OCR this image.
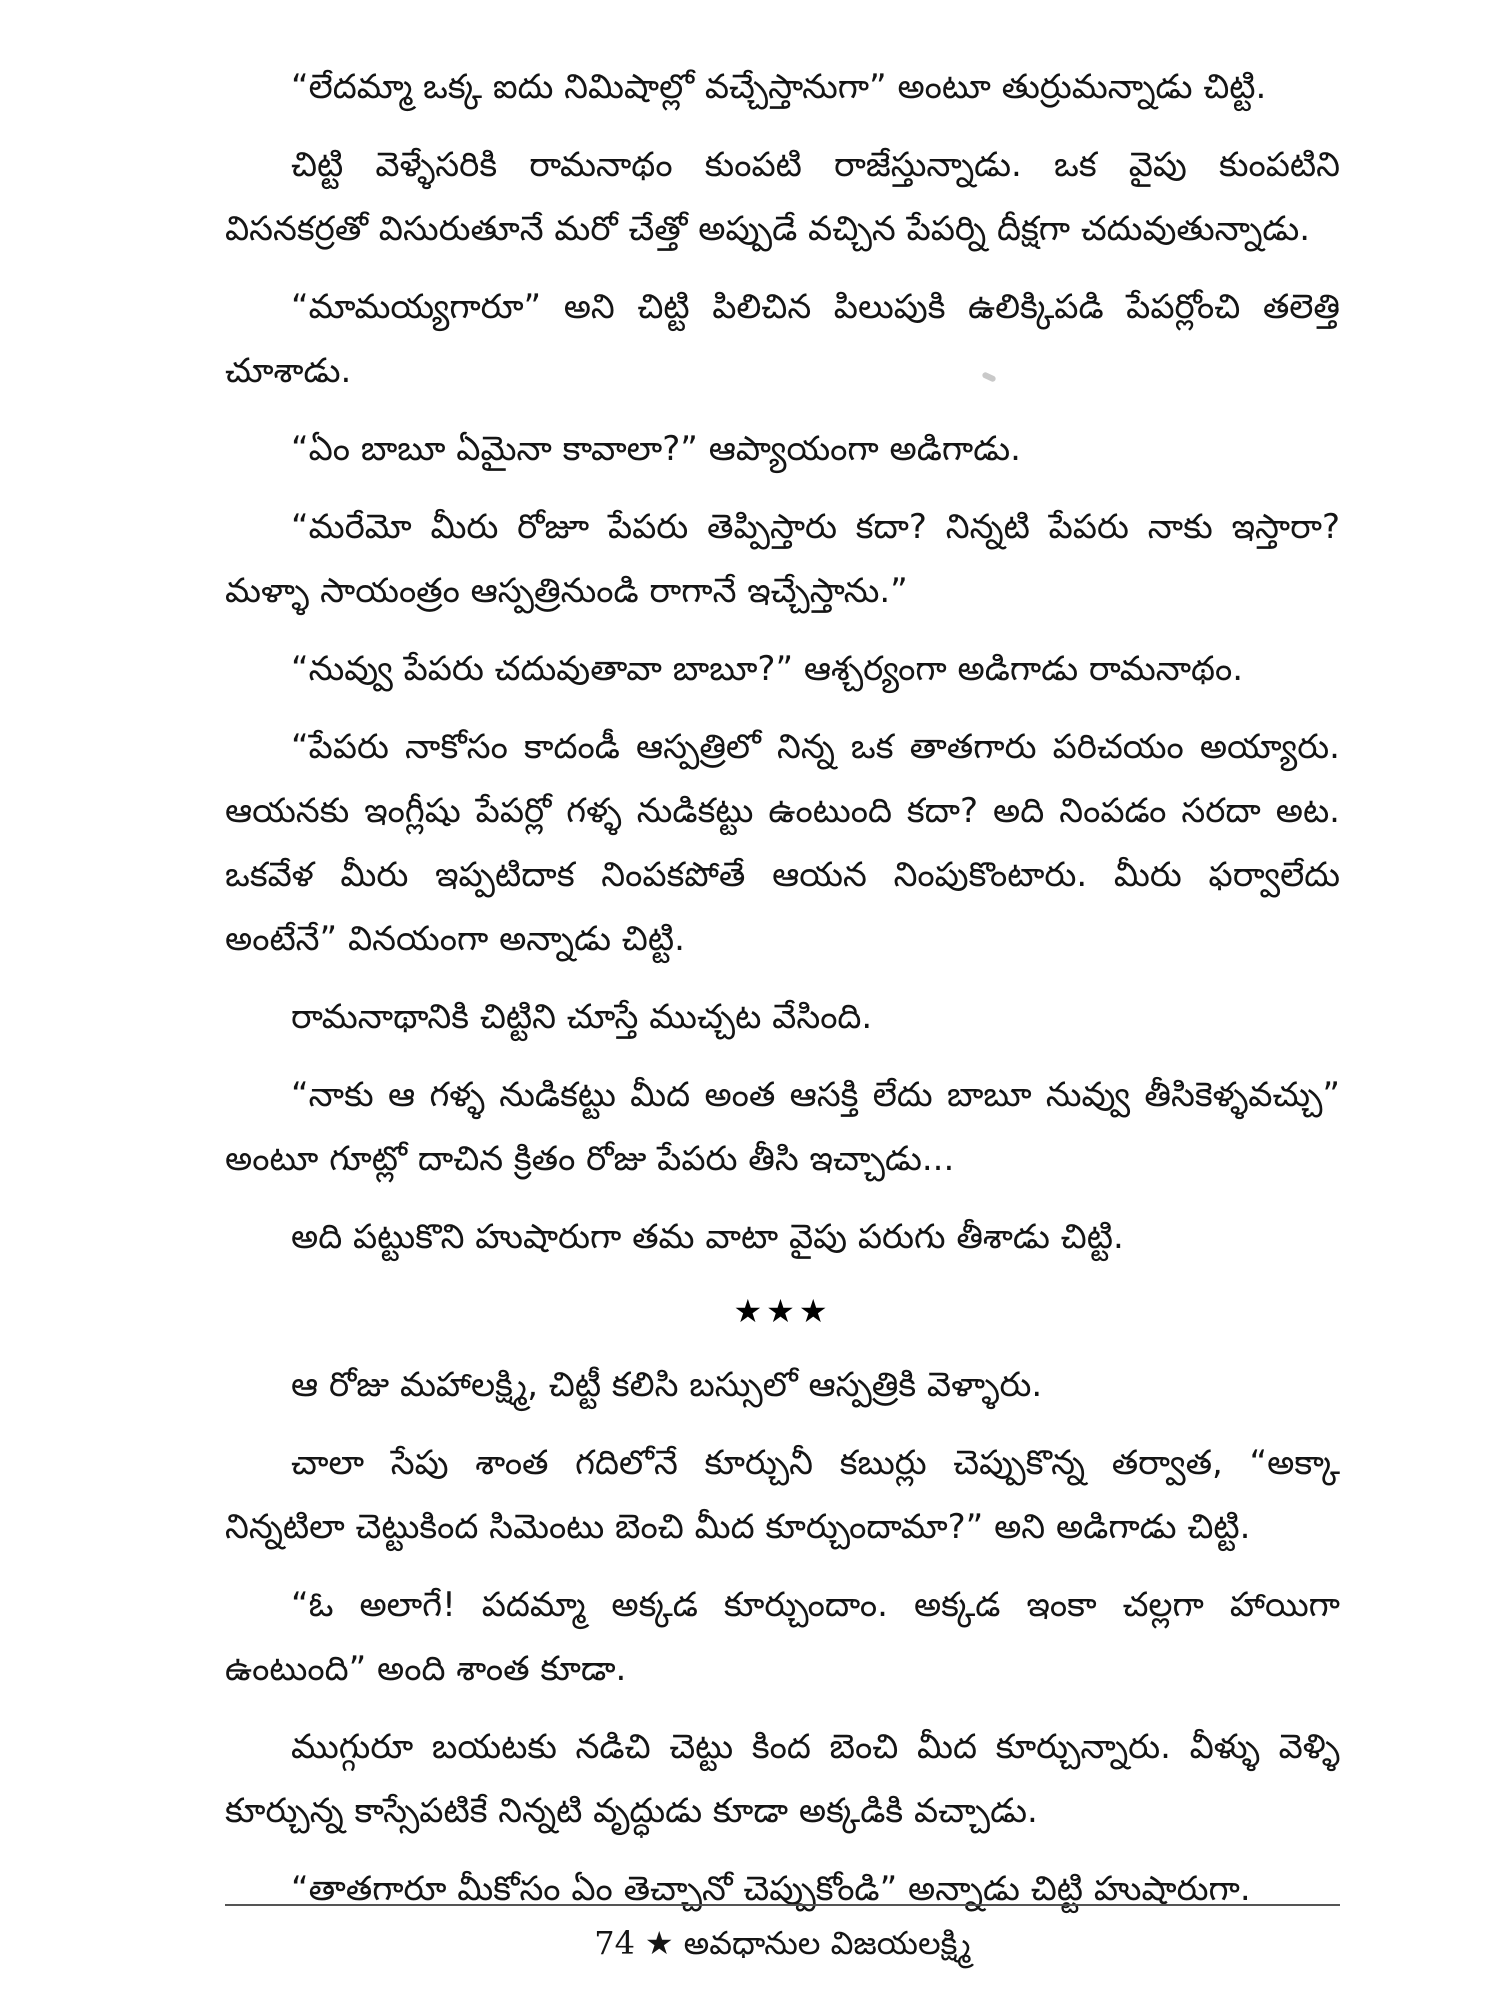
“లేదమ్మా ఒక్క ఐదు నిమిషాల్లో వచ్చేస్తానుగా” అంటూ తుర్రుమన్నాడు చిట్టి.

చిట్టి వెళ్ళేసరికి రామనాథం కుంపటి రాజేస్తున్నాడు. ఒక వైపు కుంపటిని విసనకర్రతో విసురుతూనే మరో చేత్తో అప్పుడే వచ్చిన పేపర్ని దీక్షగా చదువుతున్నాడు.

“మామయ్యగారూ” అని చిట్టి పిలిచిన పిలుపుకి ఉలిక్కిపడి పేపర్లోంచి తలెత్తి చూశాడు.

“ఏం బాబూ ఏమైనా కావాలా?” ఆప్యాయంగా అడిగాడు.

“మరేమో మీరు రోజూ పేపరు తెప్పిస్తారు కదా? నిన్నటి పేపరు నాకు ఇస్తారా? మళ్ళా సాయంత్రం ఆస్పత్రినుండి రాగానే ఇచ్చేస్తాను.”

“నువ్వు పేపరు చదువుతావా బాబూ?” ఆశ్చర్యంగా అడిగాడు రామనాథం.

“పేపరు నాకోసం కాదండీ ఆస్పత్రిలో నిన్న ఒక తాతగారు పరిచయం అయ్యారు. ఆయనకు ఇంగ్లీషు పేపర్లో గళ్ళ నుడికట్టు ఉంటుంది కదా? అది నింపడం సరదా అట. ఒకవేళ మీరు ఇప్పటిదాక నింపకపోతే ఆయన నింపుకొంటారు. మీరు ఫర్వాలేదు అంటేనే” వినయంగా అన్నాడు చిట్టి.

రామనాథానికి చిట్టిని చూస్తే ముచ్చట వేసింది.

“నాకు ఆ గళ్ళ నుడికట్టు మీద అంత ఆసక్తి లేదు బాబూ నువ్వు తీసికెళ్ళవచ్చు” అంటూ గూట్లో దాచిన క్రితం రోజు పేపరు తీసి ఇచ్చాడు...

అది పట్టుకొని హుషారుగా తమ వాటా వైపు పరుగు తీశాడు చిట్టి.

★★★

ఆ రోజు మహాలక్ష్మి, చిట్టీ కలిసి బస్సులో ఆస్పత్రికి వెళ్ళారు.

చాలా సేపు శాంత గదిలోనే కూర్చునీ కబుర్లు చెప్పుకొన్న తర్వాత, “అక్కా నిన్నటిలా చెట్టుకింద సిమెంటు బెంచి మీద కూర్చుందామా?” అని అడిగాడు చిట్టి.

“ఓ అలాగే! పదమ్మా అక్కడ కూర్చుందాం. అక్కడ ఇంకా చల్లగా హాయిగా ఉంటుంది” అంది శాంత కూడా.

ముగ్గురూ బయటకు నడిచి చెట్టు కింద బెంచి మీద కూర్చున్నారు. వీళ్ళు వెళ్ళి కూర్చున్న కాస్సేపటికే నిన్నటి వృద్ధుడు కూడా అక్కడికి వచ్చాడు.

“తాతగారూ మీకోసం ఏం తెచ్చానో చెప్పుకోండి” అన్నాడు చిట్టి హుషారుగా.

74 ★ అవధానుల విజయలక్ష్మి
